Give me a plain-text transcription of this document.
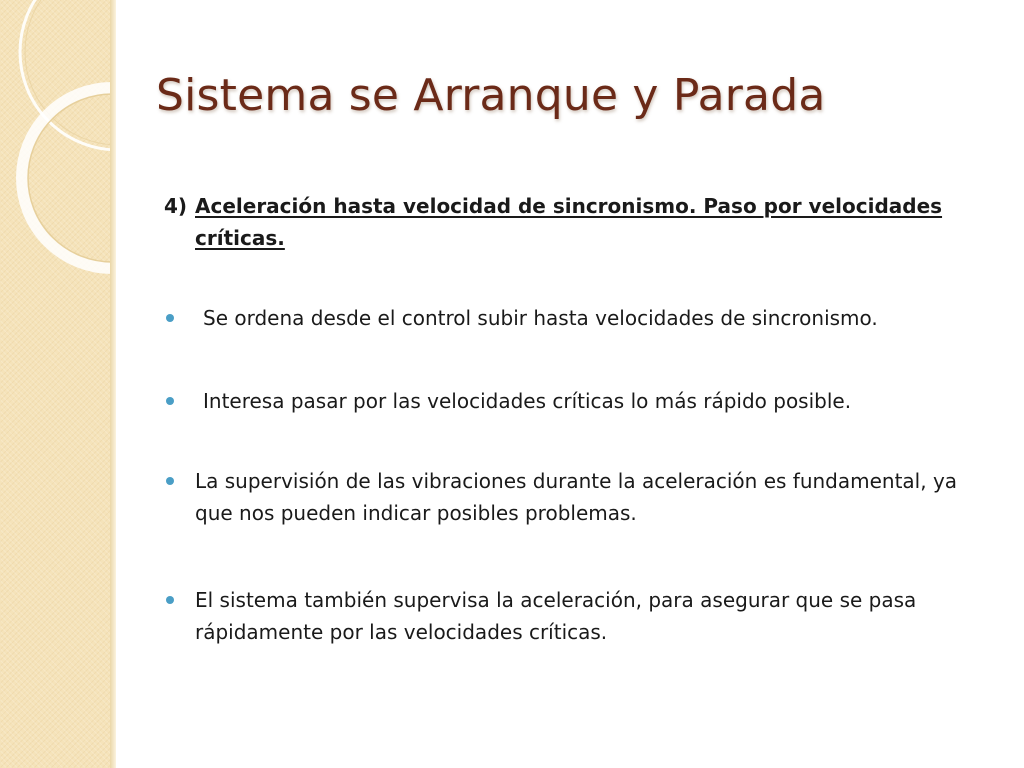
Sistema se Arranque y Parada

4) Aceleración hasta velocidad de sincronismo. Paso por velocidades críticas.

Se ordena desde el control subir hasta velocidades de sincronismo.
Interesa pasar por las velocidades críticas lo más rápido posible.
La supervisión de las vibraciones durante la aceleración es fundamental, ya que nos pueden indicar posibles problemas.
El sistema también supervisa la aceleración, para asegurar que se pasa rápidamente por las velocidades críticas.
